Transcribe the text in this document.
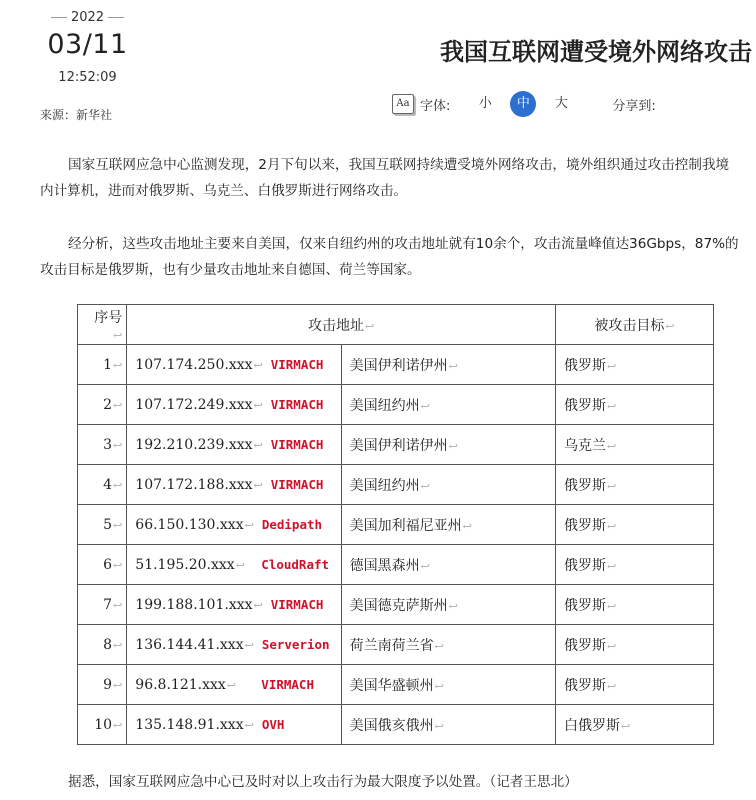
2022
03/11
12:52:09
来源：新华社
我国互联网遭受境外网络攻击
Aa 字体:	小	中	大	分享到:
国家互联网应急中心监测发现，2月下旬以来，我国互联网持续遭受境外网络攻击，境外组织通过攻击控制我境内计算机，进而对俄罗斯、乌克兰、白俄罗斯进行网络攻击。
经分析，这些攻击地址主要来自美国，仅来自纽约州的攻击地址就有10余个，攻击流量峰值达36Gbps，87%的攻击目标是俄罗斯，也有少量攻击地址来自德国、荷兰等国家。
序号↩	攻击地址↩		被攻击目标↩
1↩	107.174.250.xxx↩ VIRMACH	美国伊利诺伊州↩	俄罗斯↩
2↩	107.172.249.xxx↩ VIRMACH	美国纽约州↩	俄罗斯↩
3↩	192.210.239.xxx↩ VIRMACH	美国伊利诺伊州↩	乌克兰↩
4↩	107.172.188.xxx↩ VIRMACH	美国纽约州↩	俄罗斯↩
5↩	66.150.130.xxx↩ Dedipath	美国加利福尼亚州↩	俄罗斯↩
6↩	51.195.20.xxx↩ CloudRaft	德国黑森州↩	俄罗斯↩
7↩	199.188.101.xxx↩ VIRMACH	美国德克萨斯州↩	俄罗斯↩
8↩	136.144.41.xxx↩ Serverion	荷兰南荷兰省↩	俄罗斯↩
9↩	96.8.121.xxx↩ VIRMACH	美国华盛顿州↩	俄罗斯↩
10↩	135.148.91.xxx↩ OVH	美国俄亥俄州↩	白俄罗斯↩
据悉，国家互联网应急中心已及时对以上攻击行为最大限度予以处置。（记者王思北）
